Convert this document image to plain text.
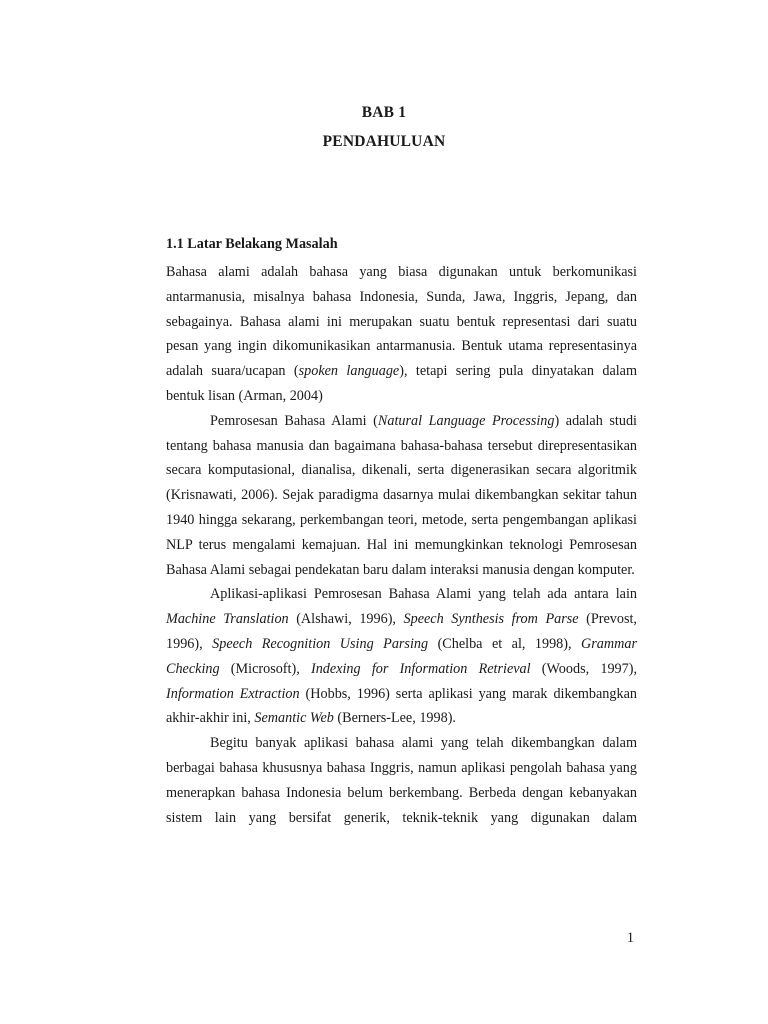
BAB 1
PENDAHULUAN
1.1 Latar Belakang Masalah

Bahasa alami adalah bahasa yang biasa digunakan untuk berkomunikasi antarmanusia, misalnya bahasa Indonesia, Sunda, Jawa, Inggris, Jepang, dan sebagainya. Bahasa alami ini merupakan suatu bentuk representasi dari suatu pesan yang ingin dikomunikasikan antarmanusia. Bentuk utama representasinya adalah suara/ucapan (spoken language), tetapi sering pula dinyatakan dalam bentuk lisan (Arman, 2004)

Pemrosesan Bahasa Alami (Natural Language Processing) adalah studi tentang bahasa manusia dan bagaimana bahasa-bahasa tersebut direpresentasikan secara komputasional, dianalisa, dikenali, serta digenerasikan secara algoritmik (Krisnawati, 2006). Sejak paradigma dasarnya mulai dikembangkan sekitar tahun 1940 hingga sekarang, perkembangan teori, metode, serta pengembangan aplikasi NLP terus mengalami kemajuan. Hal ini memungkinkan teknologi Pemrosesan Bahasa Alami sebagai pendekatan baru dalam interaksi manusia dengan komputer.

Aplikasi-aplikasi Pemrosesan Bahasa Alami yang telah ada antara lain Machine Translation (Alshawi, 1996), Speech Synthesis from Parse (Prevost, 1996), Speech Recognition Using Parsing (Chelba et al, 1998), Grammar Checking (Microsoft), Indexing for Information Retrieval (Woods, 1997), Information Extraction (Hobbs, 1996) serta aplikasi yang marak dikembangkan akhir-akhir ini, Semantic Web (Berners-Lee, 1998).

Begitu banyak aplikasi bahasa alami yang telah dikembangkan dalam berbagai bahasa khususnya bahasa Inggris, namun aplikasi pengolah bahasa yang menerapkan bahasa Indonesia belum berkembang. Berbeda dengan kebanyakan sistem lain yang bersifat generik, teknik-teknik yang digunakan dalam

1
